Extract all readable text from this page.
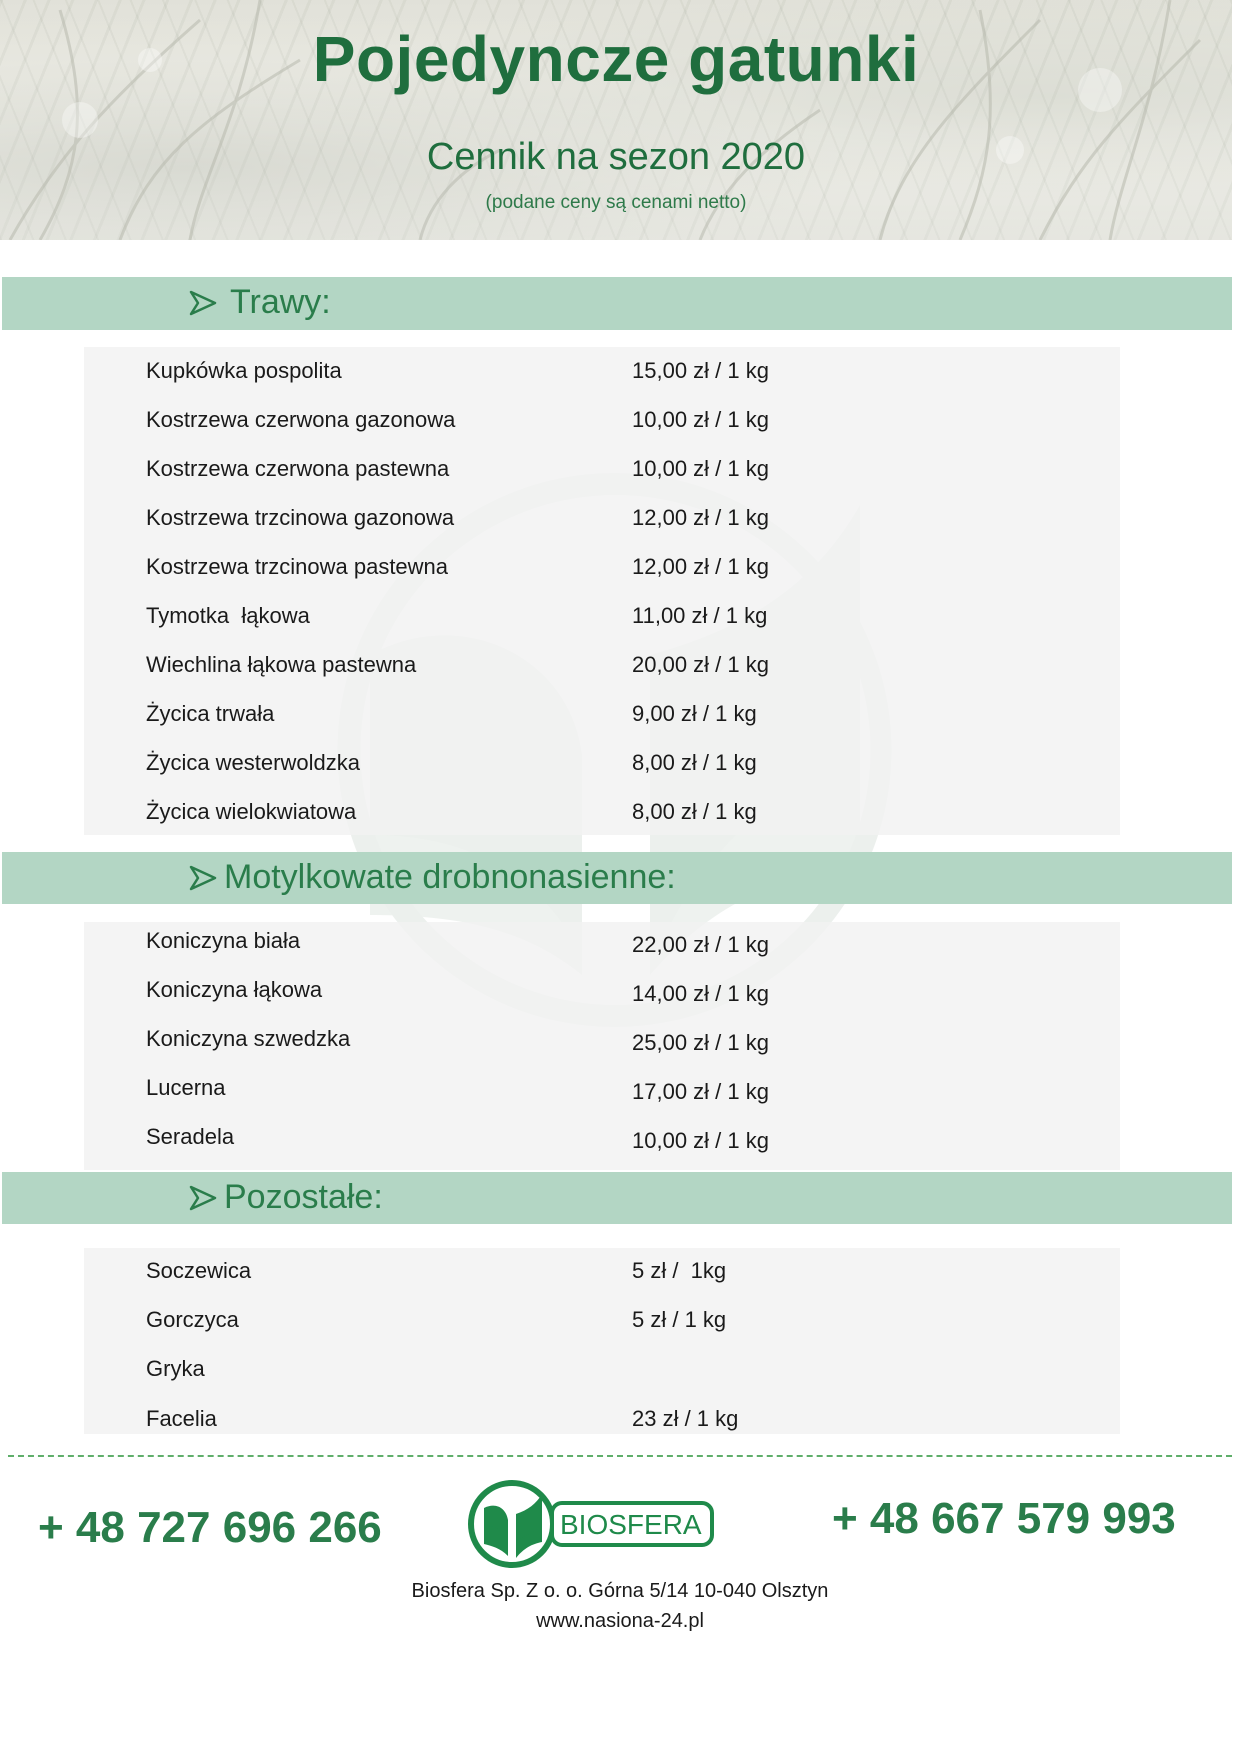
Pojedyncze gatunki
Cennik na sezon 2020
(podane ceny są cenami netto)
Trawy:
Kupkówka pospolita	15,00 zł / 1 kg
Kostrzewa czerwona gazonowa	10,00 zł / 1 kg
Kostrzewa czerwona pastewna	10,00 zł / 1 kg
Kostrzewa trzcinowa gazonowa	12,00 zł / 1 kg
Kostrzewa trzcinowa pastewna	12,00 zł / 1 kg
Tymotka  łąkowa	11,00 zł / 1 kg
Wiechlina łąkowa pastewna	20,00 zł / 1 kg
Życica trwała	9,00 zł / 1 kg
Życica westerwoldzka	8,00 zł / 1 kg
Życica wielokwiatowa	8,00 zł / 1 kg
Motylkowate drobnonasienne:
Koniczyna biała	22,00 zł / 1 kg
Koniczyna łąkowa	14,00 zł / 1 kg
Koniczyna szwedzka	25,00 zł / 1 kg
Lucerna	17,00 zł / 1 kg
Seradela	10,00 zł / 1 kg
Pozostałe:
Soczewica	5 zł /  1kg
Gorczyca	5 zł / 1 kg
Gryka
Facelia	23 zł / 1 kg
+ 48 727 696 266	+ 48 667 579 993
BIOSFERA
Biosfera Sp. Z o. o. Górna 5/14 10-040 Olsztyn
www.nasiona-24.pl
